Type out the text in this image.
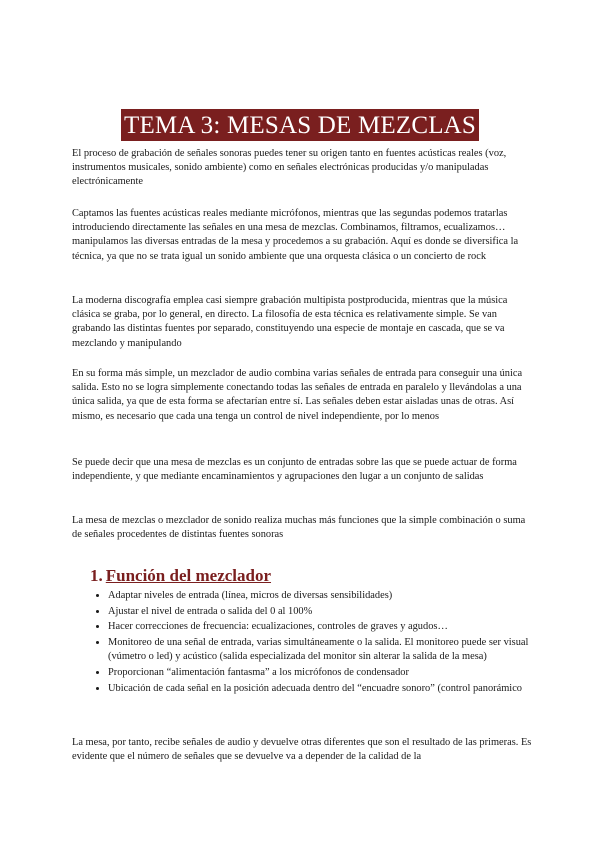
TEMA 3: MESAS DE MEZCLAS

El proceso de grabación de señales sonoras puedes tener su origen tanto en fuentes acústicas reales (voz, instrumentos musicales, sonido ambiente) como en señales electrónicas producidas y/o manipuladas electrónicamente

Captamos las fuentes acústicas reales mediante micrófonos, mientras que las segundas podemos tratarlas introduciendo directamente las señales en una mesa de mezclas. Combinamos, filtramos, ecualizamos… manipulamos las diversas entradas de la mesa y procedemos a su grabación. Aquí es donde se diversifica la técnica, ya que no se trata igual un sonido ambiente que una orquesta clásica o un concierto de rock

La moderna discografía emplea casi siempre grabación multipista postproducida, mientras que la música clásica se graba, por lo general, en directo. La filosofía de esta técnica es relativamente simple. Se van grabando las distintas fuentes por separado, constituyendo una especie de montaje en cascada, que se va mezclando y manipulando

En su forma más simple, un mezclador de audio combina varias señales de entrada para conseguir una única salida. Esto no se logra simplemente conectando todas las señales de entrada en paralelo y llevándolas a una única salida, ya que de esta forma se afectarían entre sí. Las señales deben estar aisladas unas de otras. Así mismo, es necesario que cada una tenga un control de nivel independiente, por lo menos

Se puede decir que una mesa de mezclas es un conjunto de entradas sobre las que se puede actuar de forma independiente, y que mediante encaminamientos y agrupaciones den lugar a un conjunto de salidas

La mesa de mezclas o mezclador de sonido realiza muchas más funciones que la simple combinación o suma de señales procedentes de distintas fuentes sonoras

1. Función del mezclador
• Adaptar niveles de entrada (línea, micros de diversas sensibilidades)
• Ajustar el nivel de entrada o salida del 0 al 100%
• Hacer correcciones de frecuencia: ecualizaciones, controles de graves y agudos…
• Monitoreo de una señal de entrada, varias simultáneamente o la salida. El monitoreo puede ser visual (vúmetro o led) y acústico (salida especializada del monitor sin alterar la salida de la mesa)
• Proporcionan “alimentación fantasma” a los micrófonos de condensador
• Ubicación de cada señal en la posición adecuada dentro del “encuadre sonoro” (control panorámico

La mesa, por tanto, recibe señales de audio y devuelve otras diferentes que son el resultado de las primeras. Es evidente que el número de señales que se devuelve va a depender de la calidad de la
